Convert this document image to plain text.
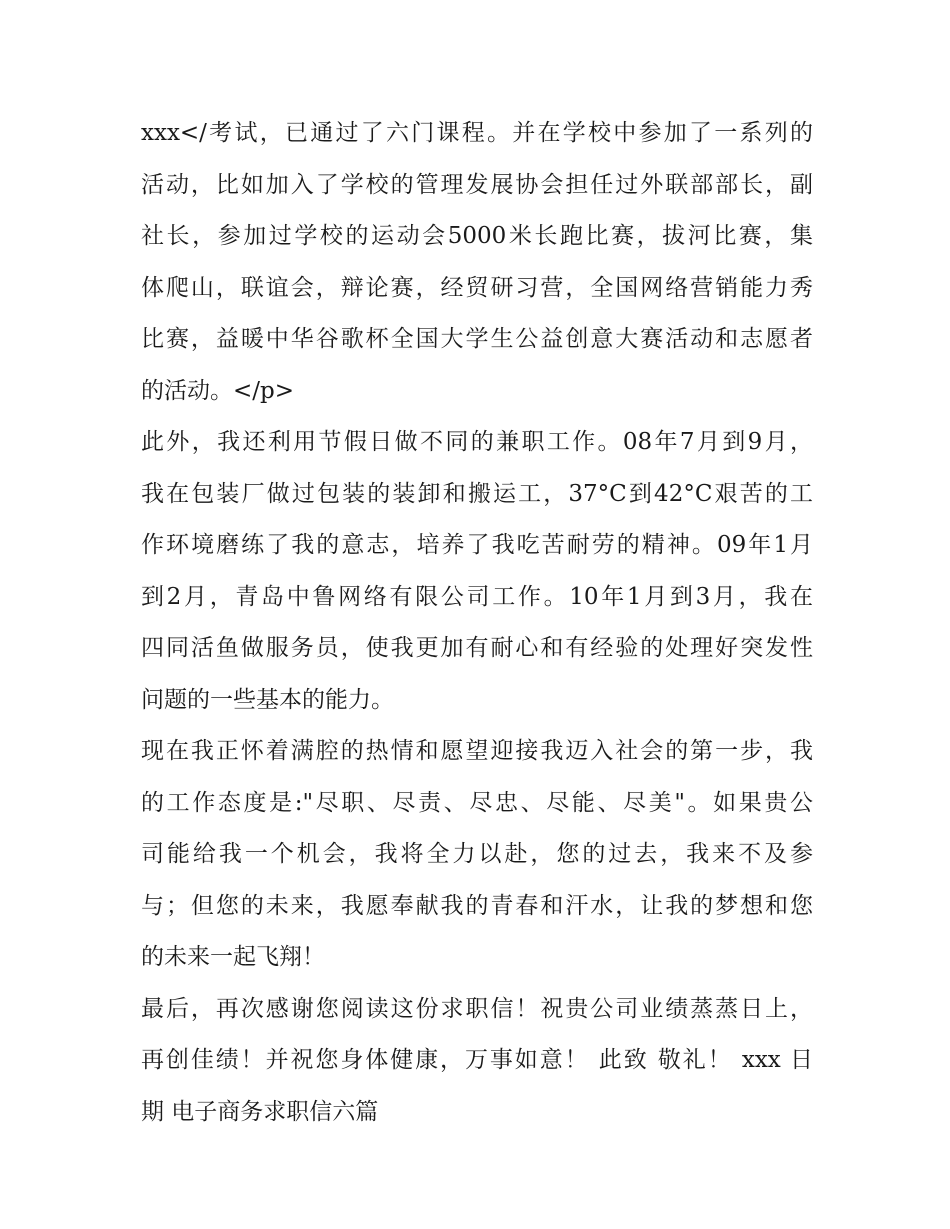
xxx</考试，已通过了六门课程。并在学校中参加了一系列的
活动，比如加入了学校的管理发展协会担任过外联部部长，副
社长，参加过学校的运动会5000米长跑比赛，拔河比赛，集
体爬山，联谊会，辩论赛，经贸研习营，全国网络营销能力秀
比赛，益暖中华谷歌杯全国大学生公益创意大赛活动和志愿者
的活动。</p>
此外，我还利用节假日做不同的兼职工作。08年7月到9月，
我在包装厂做过包装的装卸和搬运工，37°C到42°C艰苦的工
作环境磨练了我的意志，培养了我吃苦耐劳的精神。09年1月
到2月，青岛中鲁网络有限公司工作。10年1月到3月，我在
四同活鱼做服务员，使我更加有耐心和有经验的处理好突发性
问题的一些基本的能力。
现在我正怀着满腔的热情和愿望迎接我迈入社会的第一步，我
的工作态度是:"尽职、尽责、尽忠、尽能、尽美"。如果贵公
司能给我一个机会，我将全力以赴，您的过去，我来不及参
与；但您的未来，我愿奉献我的青春和汗水，让我的梦想和您
的未来一起飞翔！
最后，再次感谢您阅读这份求职信！祝贵公司业绩蒸蒸日上，
再创佳绩！并祝您身体健康，万事如意！ 此致 敬礼！ xxx 日
期 电子商务求职信六篇
